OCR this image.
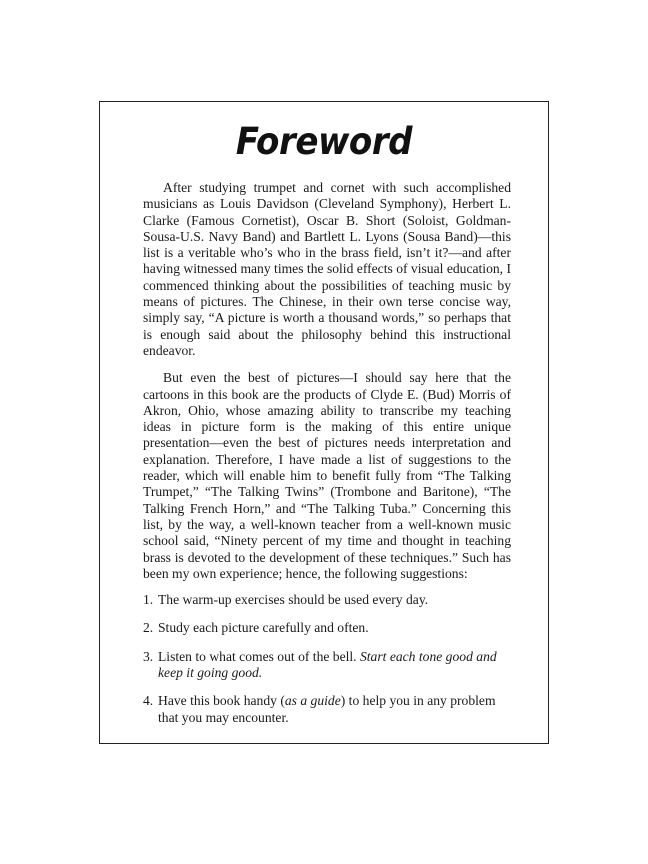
Foreword

After studying trumpet and cornet with such accomplished musicians as Louis Davidson (Cleveland Symphony), Herbert L. Clarke (Famous Cornetist), Oscar B. Short (Soloist, Goldman-Sousa-U.S. Navy Band) and Bartlett L. Lyons (Sousa Band)—this list is a veritable who’s who in the brass field, isn’t it?—and after having witnessed many times the solid effects of visual education, I commenced thinking about the possibilities of teaching music by means of pictures. The Chinese, in their own terse concise way, simply say, “A picture is worth a thousand words,” so perhaps that is enough said about the philosophy behind this instructional endeavor.

But even the best of pictures—I should say here that the cartoons in this book are the products of Clyde E. (Bud) Morris of Akron, Ohio, whose amazing ability to transcribe my teaching ideas in picture form is the making of this entire unique presentation—even the best of pictures needs interpretation and explanation. Therefore, I have made a list of suggestions to the reader, which will enable him to benefit fully from “The Talking Trumpet,” “The Talking Twins” (Trombone and Baritone), “The Talking French Horn,” and “The Talking Tuba.” Concerning this list, by the way, a well-known teacher from a well-known music school said, “Ninety percent of my time and thought in teaching brass is devoted to the development of these techniques.” Such has been my own experience; hence, the following suggestions:

1. The warm-up exercises should be used every day.
2. Study each picture carefully and often.
3. Listen to what comes out of the bell. Start each tone good and keep it going good.
4. Have this book handy (as a guide) to help you in any problem that you may encounter.
